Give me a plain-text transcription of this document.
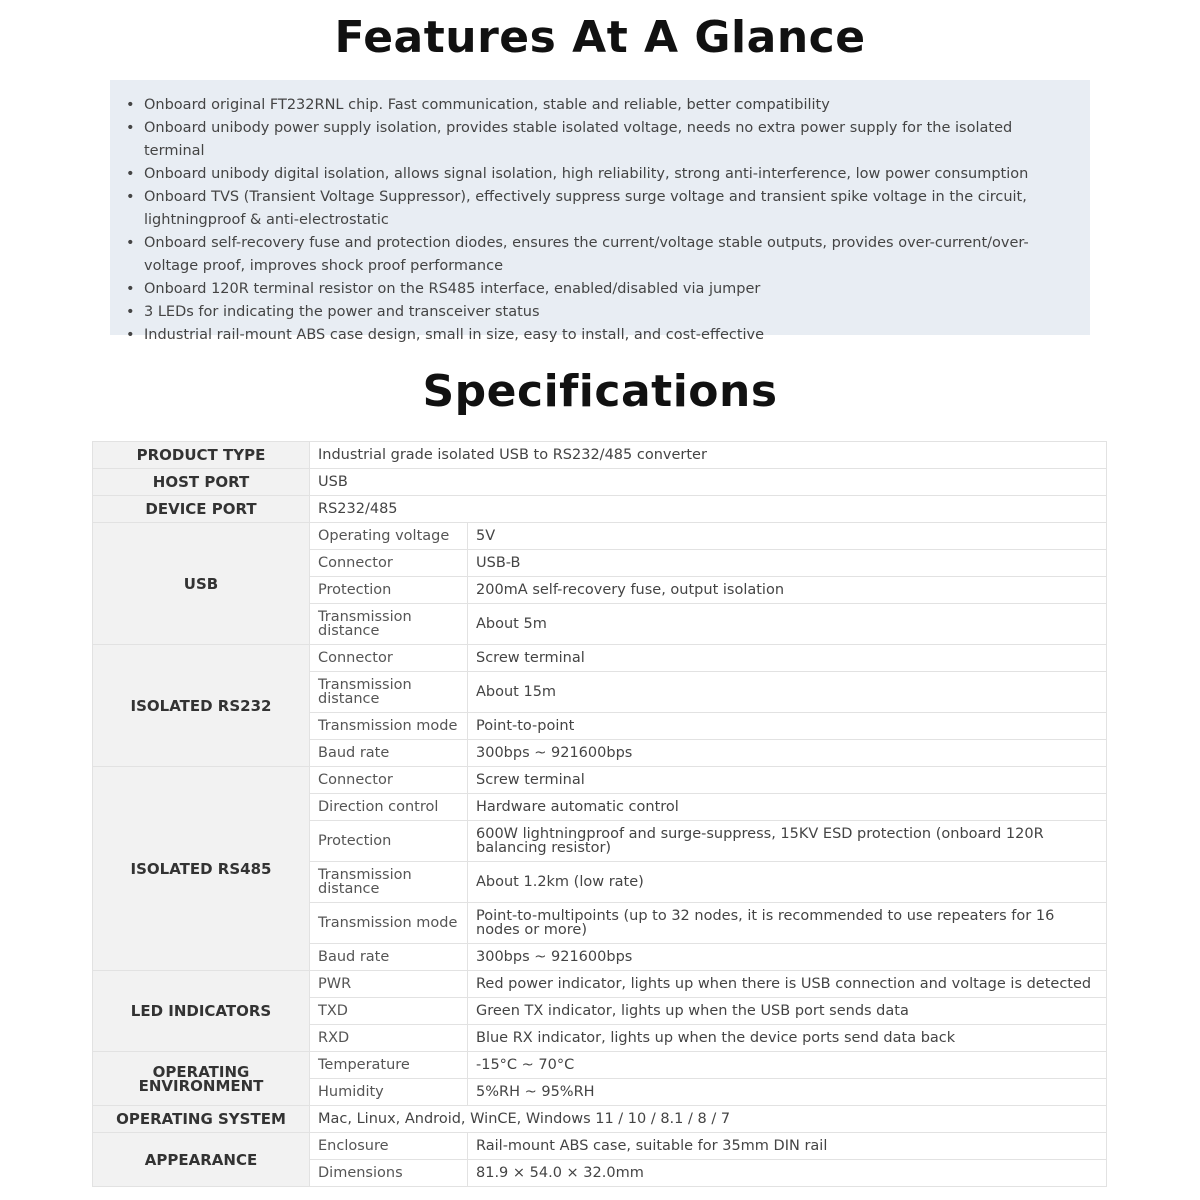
Features At A Glance
• Onboard original FT232RNL chip. Fast communication, stable and reliable, better compatibility
• Onboard unibody power supply isolation, provides stable isolated voltage, needs no extra power supply for the isolated terminal
• Onboard unibody digital isolation, allows signal isolation, high reliability, strong anti-interference, low power consumption
• Onboard TVS (Transient Voltage Suppressor), effectively suppress surge voltage and transient spike voltage in the circuit, lightningproof & anti-electrostatic
• Onboard self-recovery fuse and protection diodes, ensures the current/voltage stable outputs, provides over-current/over-voltage proof, improves shock proof performance
• Onboard 120R terminal resistor on the RS485 interface, enabled/disabled via jumper
• 3 LEDs for indicating the power and transceiver status
• Industrial rail-mount ABS case design, small in size, easy to install, and cost-effective
Specifications
PRODUCT TYPE	Industrial grade isolated USB to RS232/485 converter	
HOST PORT	USB	
DEVICE PORT	RS232/485	
USB	Operating voltage	5V
	Connector	USB-B
	Protection	200mA self-recovery fuse, output isolation
	Transmission distance	About 5m
ISOLATED RS232	Connector	Screw terminal
	Transmission distance	About 15m
	Transmission mode	Point-to-point
	Baud rate	300bps ~ 921600bps
ISOLATED RS485	Connector	Screw terminal
	Direction control	Hardware automatic control
	Protection	600W lightningproof and surge-suppress, 15KV ESD protection (onboard 120R balancing resistor)
	Transmission distance	About 1.2km (low rate)
	Transmission mode	Point-to-multipoints (up to 32 nodes, it is recommended to use repeaters for 16 nodes or more)
	Baud rate	300bps ~ 921600bps
LED INDICATORS	PWR	Red power indicator, lights up when there is USB connection and voltage is detected
	TXD	Green TX indicator, lights up when the USB port sends data
	RXD	Blue RX indicator, lights up when the device ports send data back
OPERATING ENVIRONMENT	Temperature	-15°C ~ 70°C
	Humidity	5%RH ~ 95%RH
OPERATING SYSTEM	Mac, Linux, Android, WinCE, Windows 11 / 10 / 8.1 / 8 / 7	
APPEARANCE	Enclosure	Rail-mount ABS case, suitable for 35mm DIN rail
	Dimensions	81.9 × 54.0 × 32.0mm
